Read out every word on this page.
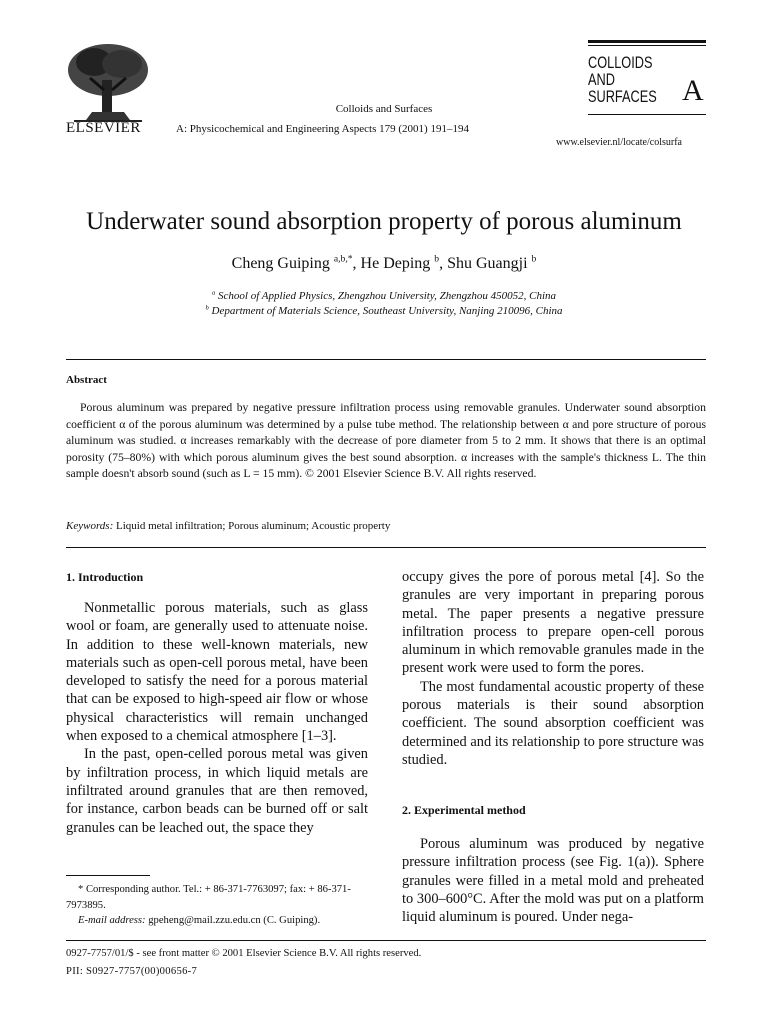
ELSEVIER
Colloids and Surfaces
A: Physicochemical and Engineering Aspects 179 (2001) 191–194
COLLOIDS
AND
SURFACES A
www.elsevier.nl/locate/colsurfa
Underwater sound absorption property of porous aluminum
Cheng Guiping $^{a,b,*}$, He Deping $^b$, Shu Guangji $^b$
$^a$ School of Applied Physics, Zhengzhou University, Zhengzhou 450052, China
$^b$ Department of Materials Science, Southeast University, Nanjing 210096, China
Abstract
Porous aluminum was prepared by negative pressure infiltration process using removable granules. Underwater sound absorption coefficient α of the porous aluminum was determined by a pulse tube method. The relationship between α and pore structure of porous aluminum was studied. α increases remarkably with the decrease of pore diameter from 5 to 2 mm. It shows that there is an optimal porosity (75–80%) with which porous aluminum gives the best sound absorption. α increases with the sample's thickness L. The thin sample doesn't absorb sound (such as L = 15 mm). © 2001 Elsevier Science B.V. All rights reserved.
Keywords: Liquid metal infiltration; Porous aluminum; Acoustic property
1. Introduction

Nonmetallic porous materials, such as glass wool or foam, are generally used to attenuate noise. In addition to these well-known materials, new materials such as open-cell porous metal, have been developed to satisfy the need for a porous material that can be exposed to high-speed air flow or whose physical characteristics will remain unchanged when exposed to a chemical atmosphere [1–3].

In the past, open-celled porous metal was given by infiltration process, in which liquid metals are infiltrated around granules that are then removed, for instance, carbon beads can be burned off or salt granules can be leached out, the space they

occupy gives the pore of porous metal [4]. So the granules are very important in preparing porous metal. The paper presents a negative pressure infiltration process to prepare open-cell porous aluminum in which removable granules made in the present work were used to form the pores.

The most fundamental acoustic property of these porous materials is their sound absorption coefficient. The sound absorption coefficient was determined and its relationship to pore structure was studied.

2. Experimental method

Porous aluminum was produced by negative pressure infiltration process (see Fig. 1(a)). Sphere granules were filled in a metal mold and preheated to 300–600°C. After the mold was put on a platform liquid aluminum is poured. Under nega-

* Corresponding author. Tel.: + 86-371-7763097; fax: + 86-371-7973895.

E-mail address: gpeheng@mail.zzu.edu.cn (C. Guiping).

0927-7757/01/$ - see front matter © 2001 Elsevier Science B.V. All rights reserved.
PII: S0927-7757(00)00656-7
